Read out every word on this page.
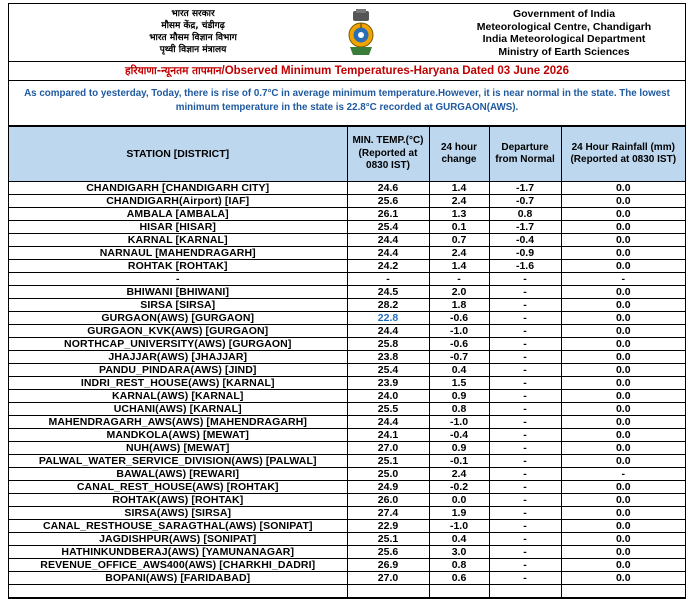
भारत सरकार
मौसम केंद्र, चंडीगढ़
भारत मौसम विज्ञान विभाग
पृथ्वी विज्ञान मंत्रालय
Government of India
Meteorological Centre, Chandigarh
India Meteorological Department
Ministry of Earth Sciences
हरियाणा-न्यूनतम तापमान/Observed Minimum Temperatures-Haryana Dated 03 June 2026
As compared to yesterday, Today, there is rise of 0.7°C in average minimum temperature.However, it is near normal in the state. The lowest minimum temperature in the state is 22.8°C recorded at GURGAON(AWS).
STATION [DISTRICT]	MIN. TEMP.(°C) (Reported at 0830 IST)	24 hour change	Departure from Normal	24 Hour Rainfall (mm) (Reported at 0830 IST)

CHANDIGARH [CHANDIGARH CITY]	24.6	1.4	-1.7	0.0
CHANDIGARH(Airport) [IAF]	25.6	2.4	-0.7	0.0
AMBALA [AMBALA]	26.1	1.3	0.8	0.0
HISAR [HISAR]	25.4	0.1	-1.7	0.0
KARNAL [KARNAL]	24.4	0.7	-0.4	0.0
NARNAUL [MAHENDRAGARH]	24.4	2.4	-0.9	0.0
ROHTAK [ROHTAK]	24.2	1.4	-1.6	0.0
-	-	-	-	-
BHIWANI [BHIWANI]	24.5	2.0	-	0.0
SIRSA [SIRSA]	28.2	1.8	-	0.0
GURGAON(AWS) [GURGAON]	22.8	-0.6	-	0.0
GURGAON_KVK(AWS) [GURGAON]	24.4	-1.0	-	0.0
NORTHCAP_UNIVERSITY(AWS) [GURGAON]	25.8	-0.6	-	0.0
JHAJJAR(AWS) [JHAJJAR]	23.8	-0.7	-	0.0
PANDU_PINDARA(AWS) [JIND]	25.4	0.4	-	0.0
INDRI_REST_HOUSE(AWS) [KARNAL]	23.9	1.5	-	0.0
KARNAL(AWS) [KARNAL]	24.0	0.9	-	0.0
UCHANI(AWS) [KARNAL]	25.5	0.8	-	0.0
MAHENDRAGARH_AWS(AWS) [MAHENDRAGARH]	24.4	-1.0	-	0.0
MANDKOLA(AWS) [MEWAT]	24.1	-0.4	-	0.0
NUH(AWS) [MEWAT]	27.0	0.9	-	0.0
PALWAL_WATER_SERVICE_DIVISION(AWS) [PALWAL]	25.1	-0.1	-	0.0
BAWAL(AWS) [REWARI]	25.0	2.4	-	-
CANAL_REST_HOUSE(AWS) [ROHTAK]	24.9	-0.2	-	0.0
ROHTAK(AWS) [ROHTAK]	26.0	0.0	-	0.0
SIRSA(AWS) [SIRSA]	27.4	1.9	-	0.0
CANAL_RESTHOUSE_SARAGTHAL(AWS) [SONIPAT]	22.9	-1.0	-	0.0
JAGDISHPUR(AWS) [SONIPAT]	25.1	0.4	-	0.0
HATHINKUNDBERAJ(AWS) [YAMUNANAGAR]	25.6	3.0	-	0.0
REVENUE_OFFICE_AWS400(AWS) [CHARKHI_DADRI]	26.9	0.8	-	0.0
BOPANI(AWS) [FARIDABAD]	27.0	0.6	-	0.0
